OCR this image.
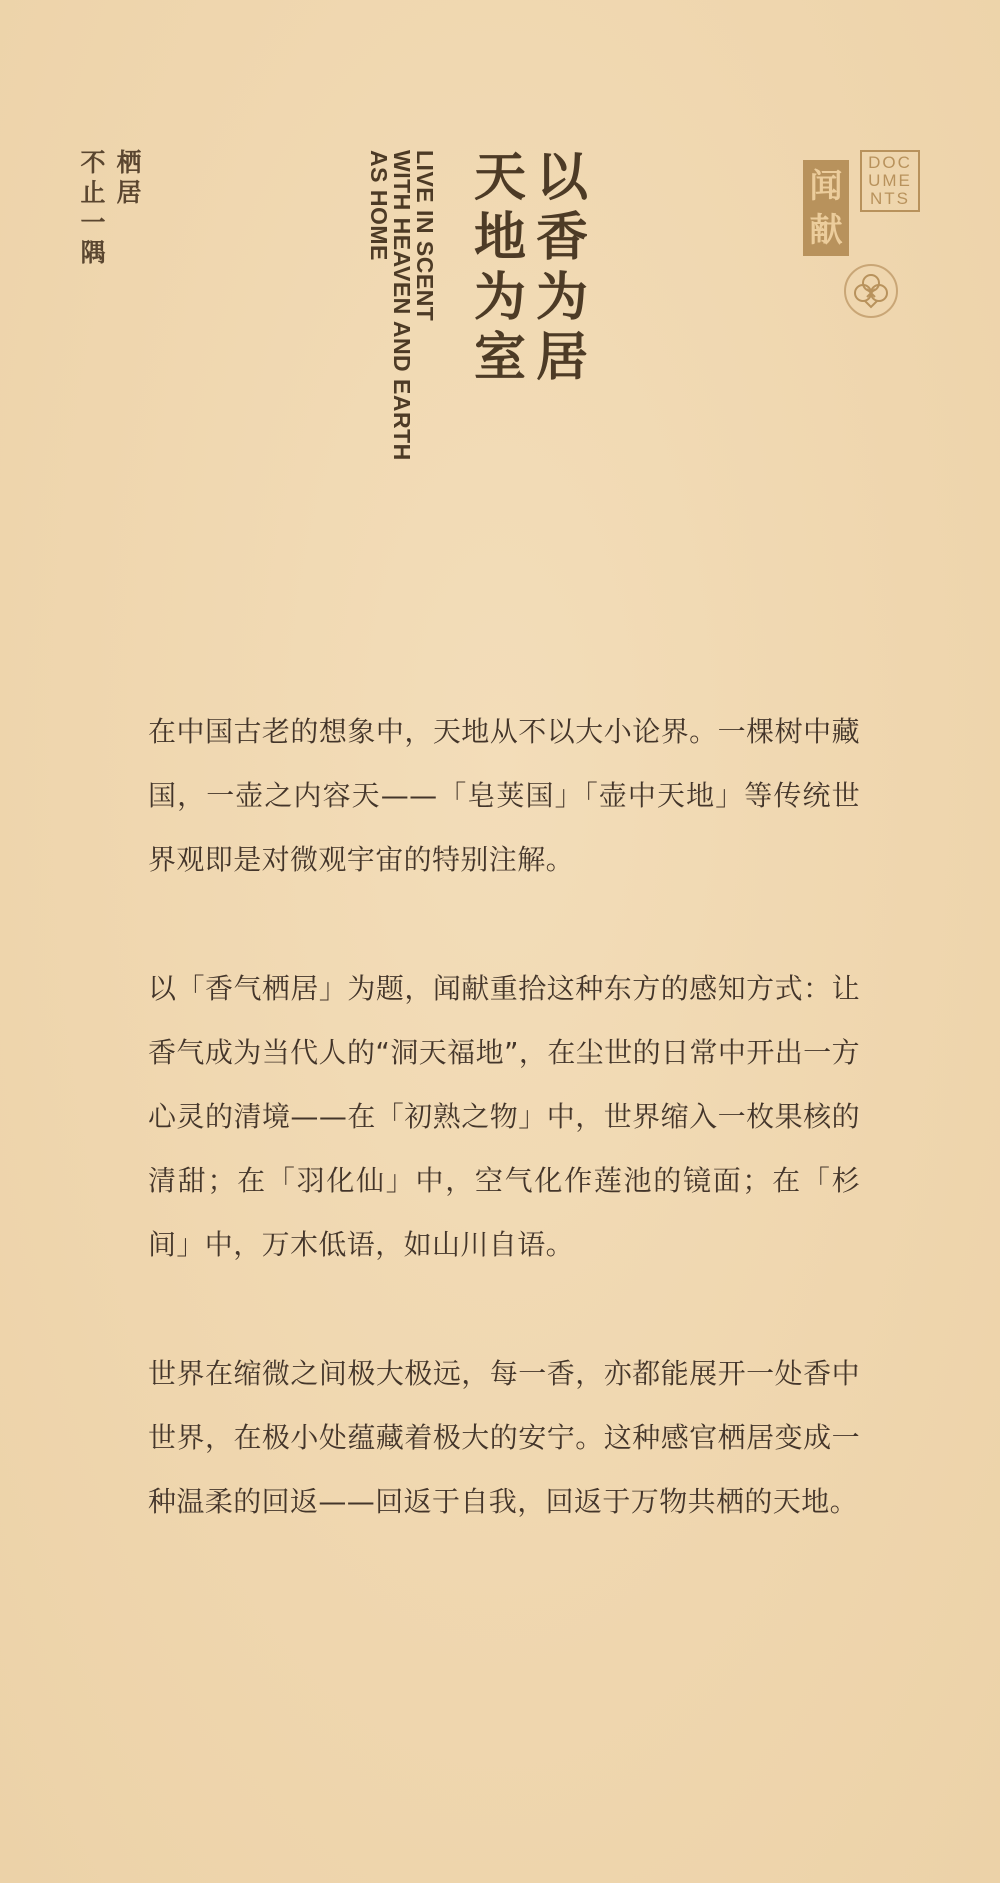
栖
居
不
止
一
隅	LIVE IN SCENT
WITH HEAVEN AND EARTH
AS HOME	以
香
为
居
天
地
为
室
闻
献
DOC
UME
NTS

在中国古老的想象中，天地从不以大小论界。一棵树中藏国，一壶之内容天——「皂荚国」「壶中天地」等传统世界观即是对微观宇宙的特别注解。

以「香气栖居」为题，闻献重拾这种东方的感知方式：让香气成为当代人的“洞天福地”，在尘世的日常中开出一方心灵的清境——在「初熟之物」中，世界缩入一枚果核的清甜；在「羽化仙」中，空气化作莲池的镜面；在「杉间」中，万木低语，如山川自语。

世界在缩微之间极大极远，每一香，亦都能展开一处香中世界，在极小处蕴藏着极大的安宁。这种感官栖居变成一种温柔的回返——回返于自我，回返于万物共栖的天地。
